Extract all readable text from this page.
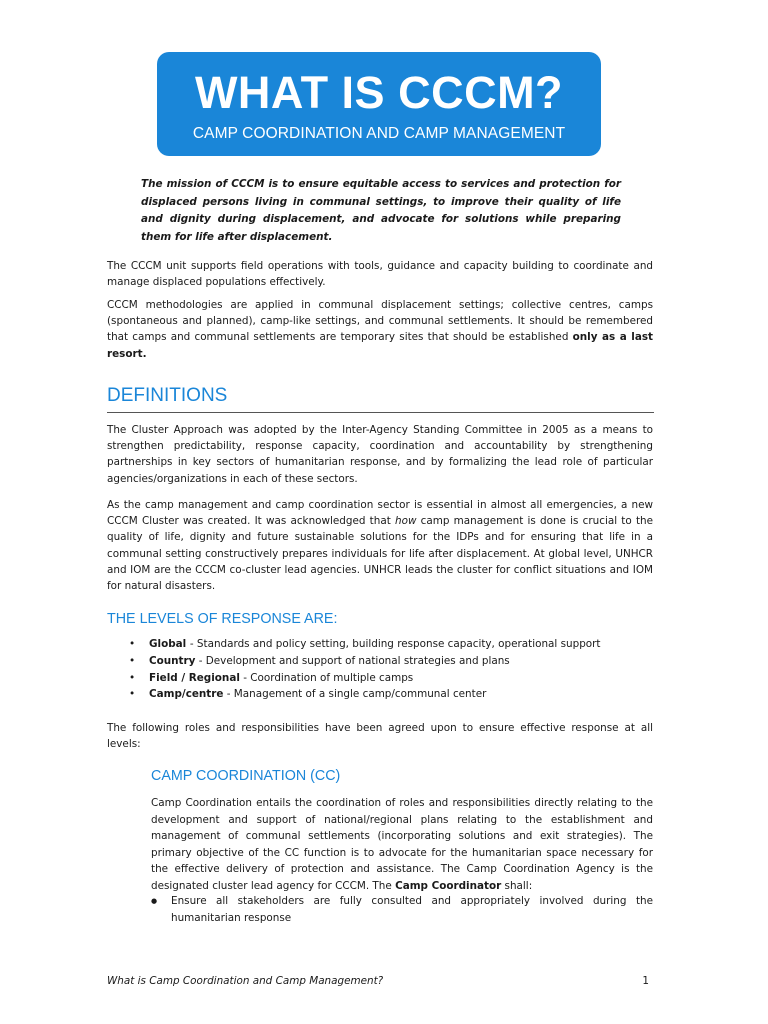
WHAT IS CCCM?
CAMP COORDINATION AND CAMP MANAGEMENT

The mission of CCCM is to ensure equitable access to services and protection for displaced persons living in communal settings, to improve their quality of life and dignity during displacement, and advocate for solutions while preparing them for life after displacement.

The CCCM unit supports field operations with tools, guidance and capacity building to coordinate and manage displaced populations effectively.

CCCM methodologies are applied in communal displacement settings; collective centres, camps (spontaneous and planned), camp-like settings, and communal settlements. It should be remembered that camps and communal settlements are temporary sites that should be established only as a last resort.

DEFINITIONS

The Cluster Approach was adopted by the Inter-Agency Standing Committee in 2005 as a means to strengthen predictability, response capacity, coordination and accountability by strengthening partnerships in key sectors of humanitarian response, and by formalizing the lead role of particular agencies/organizations in each of these sectors.

As the camp management and camp coordination sector is essential in almost all emergencies, a new CCCM Cluster was created. It was acknowledged that how camp management is done is crucial to the quality of life, dignity and future sustainable solutions for the IDPs and for ensuring that life in a communal setting constructively prepares individuals for life after displacement. At global level, UNHCR and IOM are the CCCM co-cluster lead agencies. UNHCR leads the cluster for conflict situations and IOM for natural disasters.

THE LEVELS OF RESPONSE ARE:
• Global - Standards and policy setting, building response capacity, operational support
• Country - Development and support of national strategies and plans
• Field / Regional - Coordination of multiple camps
• Camp/centre - Management of a single camp/communal center

The following roles and responsibilities have been agreed upon to ensure effective response at all levels:

CAMP COORDINATION (CC)

Camp Coordination entails the coordination of roles and responsibilities directly relating to the development and support of national/regional plans relating to the establishment and management of communal settlements (incorporating solutions and exit strategies). The primary objective of the CC function is to advocate for the humanitarian space necessary for the effective delivery of protection and assistance. The Camp Coordination Agency is the designated cluster lead agency for CCCM. The Camp Coordinator shall:

● Ensure all stakeholders are fully consulted and appropriately involved during the humanitarian response
What is Camp Coordination and Camp Management?	1
